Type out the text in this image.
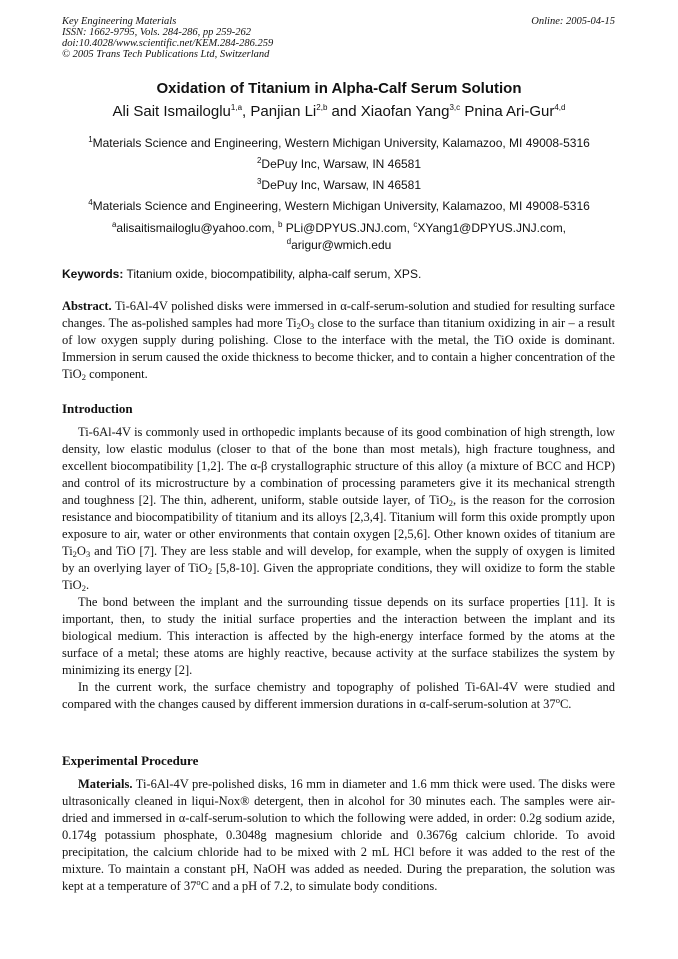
Key Engineering Materials
ISSN: 1662-9795, Vols. 284-286, pp 259-262
doi:10.4028/www.scientific.net/KEM.284-286.259
© 2005 Trans Tech Publications Ltd, Switzerland
Online: 2005-04-15
Oxidation of Titanium in Alpha-Calf Serum Solution
Ali Sait Ismailoglu$^{1,a}$, Panjian Li$^{2,b}$ and Xiaofan Yang$^{3,c}$ Pnina Ari-Gur$^{4,d}$
$^1$Materials Science and Engineering, Western Michigan University, Kalamazoo, MI 49008-5316
$^2$DePuy Inc, Warsaw, IN 46581
$^3$DePuy Inc, Warsaw, IN 46581
$^4$Materials Science and Engineering, Western Michigan University, Kalamazoo, MI 49008-5316
$^a$alisaitismailoglu@yahoo.com, $^b$ PLi@DPYUS.JNJ.com, $^c$XYang1@DPYUS.JNJ.com,
$^d$arigur@wmich.edu
Keywords: Titanium oxide, biocompatibility, alpha-calf serum, XPS.

Abstract. Ti-6Al-4V polished disks were immersed in α-calf-serum-solution and studied for resulting surface changes. The as-polished samples had more $Ti_2O_3$ close to the surface than titanium oxidizing in air – a result of low oxygen supply during polishing. Close to the interface with the metal, the TiO oxide is dominant. Immersion in serum caused the oxide thickness to become thicker, and to contain a higher concentration of the TiO$_2$ component.

Introduction

Ti-6Al-4V is commonly used in orthopedic implants because of its good combination of high strength, low density, low elastic modulus (closer to that of the bone than most metals), high fracture toughness, and excellent biocompatibility [1,2]. The α-β crystallographic structure of this alloy (a mixture of BCC and HCP) and control of its microstructure by a combination of processing parameters give it its mechanical strength and toughness [2]. The thin, adherent, uniform, stable outside layer, of TiO$_2$, is the reason for the corrosion resistance and biocompatibility of titanium and its alloys [2,3,4]. Titanium will form this oxide promptly upon exposure to air, water or other environments that contain oxygen [2,5,6]. Other known oxides of titanium are $Ti_2O_3$ and TiO [7]. They are less stable and will develop, for example, when the supply of oxygen is limited by an overlying layer of TiO$_2$ [5,8-10]. Given the appropriate conditions, they will oxidize to form the stable TiO$_2$.

The bond between the implant and the surrounding tissue depends on its surface properties [11]. It is important, then, to study the initial surface properties and the interaction between the implant and its biological medium. This interaction is affected by the high-energy interface formed by the atoms at the surface of a metal; these atoms are highly reactive, because activity at the surface stabilizes the system by minimizing its energy [2].

In the current work, the surface chemistry and topography of polished Ti-6Al-4V were studied and compared with the changes caused by different immersion durations in α-calf-serum-solution at 37$^o$C.

Experimental Procedure

Materials. Ti-6Al-4V pre-polished disks, 16 mm in diameter and 1.6 mm thick were used. The disks were ultrasonically cleaned in liqui-Nox® detergent, then in alcohol for 30 minutes each. The samples were air-dried and immersed in α-calf-serum-solution to which the following were added, in order: 0.2g sodium azide, 0.174g potassium phosphate, 0.3048g magnesium chloride and 0.3676g calcium chloride. To avoid precipitation, the calcium chloride had to be mixed with 2 mL HCl before it was added to the rest of the mixture. To maintain a constant pH, NaOH was added as needed. During the preparation, the solution was kept at a temperature of 37$^o$C and a pH of 7.2, to simulate body conditions.
